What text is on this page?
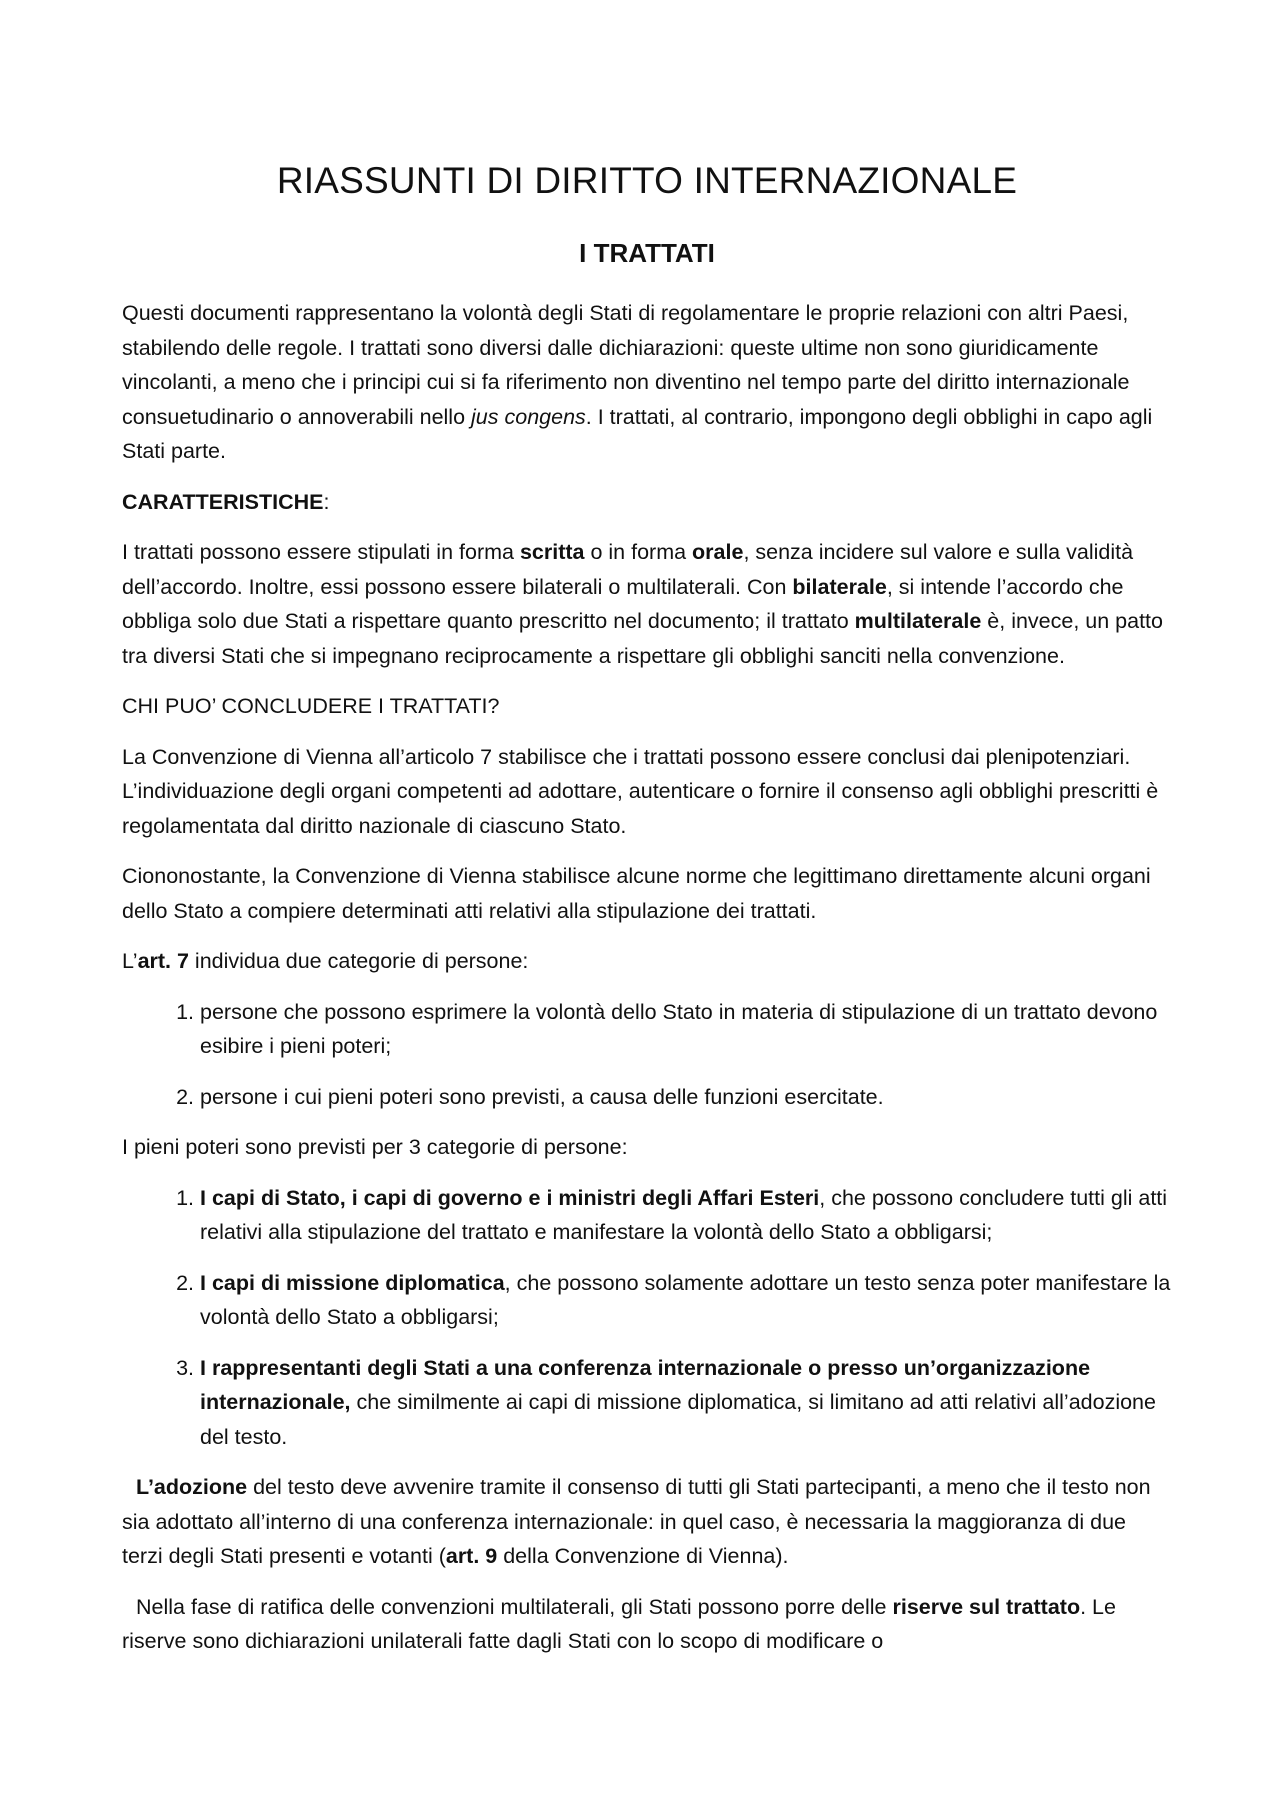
RIASSUNTI DI DIRITTO INTERNAZIONALE
I TRATTATI

Questi documenti rappresentano la volontà degli Stati di regolamentare le proprie relazioni con altri Paesi, stabilendo delle regole. I trattati sono diversi dalle dichiarazioni: queste ultime non sono giuridicamente vincolanti, a meno che i principi cui si fa riferimento non diventino nel tempo parte del diritto internazionale consuetudinario o annoverabili nello jus congens. I trattati, al contrario, impongono degli obblighi in capo agli Stati parte.

CARATTERISTICHE:

I trattati possono essere stipulati in forma scritta o in forma orale, senza incidere sul valore e sulla validità dell’accordo. Inoltre, essi possono essere bilaterali o multilaterali. Con bilaterale, si intende l’accordo che obbliga solo due Stati a rispettare quanto prescritto nel documento; il trattato multilaterale è, invece, un patto tra diversi Stati che si impegnano reciprocamente a rispettare gli obblighi sanciti nella convenzione.

CHI PUO’ CONCLUDERE I TRATTATI?

La Convenzione di Vienna all’articolo 7 stabilisce che i trattati possono essere conclusi dai plenipotenziari. L’individuazione degli organi competenti ad adottare, autenticare o fornire il consenso agli obblighi prescritti è regolamentata dal diritto nazionale di ciascuno Stato.

Ciononostante, la Convenzione di Vienna stabilisce alcune norme che legittimano direttamente alcuni organi dello Stato a compiere determinati atti relativi alla stipulazione dei trattati.

L’art. 7 individua due categorie di persone:

1. persone che possono esprimere la volontà dello Stato in materia di stipulazione di un trattato devono esibire i pieni poteri;
2. persone i cui pieni poteri sono previsti, a causa delle funzioni esercitate.

I pieni poteri sono previsti per 3 categorie di persone:

1. I capi di Stato, i capi di governo e i ministri degli Affari Esteri, che possono concludere tutti gli atti relativi alla stipulazione del trattato e manifestare la volontà dello Stato a obbligarsi;
2. I capi di missione diplomatica, che possono solamente adottare un testo senza poter manifestare la volontà dello Stato a obbligarsi;
3. I rappresentanti degli Stati a una conferenza internazionale o presso un’organizzazione internazionale, che similmente ai capi di missione diplomatica, si limitano ad atti relativi all’adozione del testo.

L’adozione del testo deve avvenire tramite il consenso di tutti gli Stati partecipanti, a meno che il testo non sia adottato all’interno di una conferenza internazionale: in quel caso, è necessaria la maggioranza di due terzi degli Stati presenti e votanti (art. 9 della Convenzione di Vienna).

Nella fase di ratifica delle convenzioni multilaterali, gli Stati possono porre delle riserve sul trattato. Le riserve sono dichiarazioni unilaterali fatte dagli Stati con lo scopo di modificare o
